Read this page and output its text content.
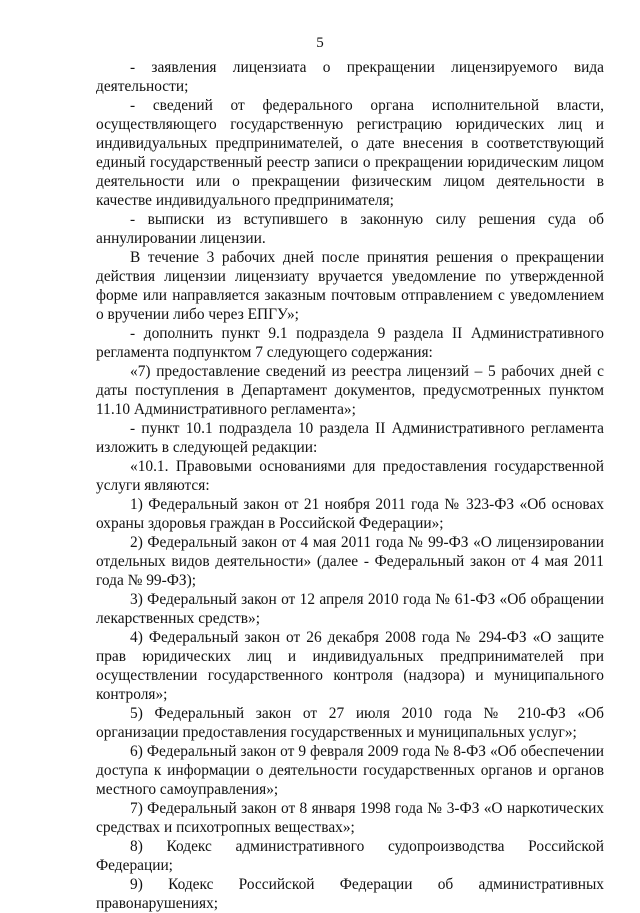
5

- заявления лицензиата о прекращении лицензируемого вида деятельности;

- сведений от федерального органа исполнительной власти, осуществляющего государственную регистрацию юридических лиц и индивидуальных предпринимателей, о дате внесения в соответствующий единый государственный реестр записи о прекращении юридическим лицом деятельности или о прекращении физическим лицом деятельности в качестве индивидуального предпринимателя;

- выписки из вступившего в законную силу решения суда об аннулировании лицензии.

В течение 3 рабочих дней после принятия решения о прекращении действия лицензии лицензиату вручается уведомление по утвержденной форме или направляется заказным почтовым отправлением с уведомлением о вручении либо через ЕПГУ»;

- дополнить пункт 9.1 подраздела 9 раздела II Административного регламента подпунктом 7 следующего содержания:

«7) предоставление сведений из реестра лицензий – 5 рабочих дней с даты поступления в Департамент документов, предусмотренных пунктом 11.10 Административного регламента»;

- пункт 10.1 подраздела 10 раздела II Административного регламента изложить в следующей редакции:

«10.1. Правовыми основаниями для предоставления государственной услуги являются:

1) Федеральный закон от 21 ноября 2011 года № 323-ФЗ «Об основах охраны здоровья граждан в Российской Федерации»;

2) Федеральный закон от 4 мая 2011 года № 99-ФЗ «О лицензировании отдельных видов деятельности» (далее - Федеральный закон от 4 мая 2011 года № 99-ФЗ);

3) Федеральный закон от 12 апреля 2010 года № 61-ФЗ «Об обращении лекарственных средств»;

4) Федеральный закон от 26 декабря 2008 года № 294-ФЗ «О защите прав юридических лиц и индивидуальных предпринимателей при осуществлении государственного контроля (надзора) и муниципального контроля»;

5) Федеральный закон от 27 июля 2010 года № 210-ФЗ «Об организации предоставления государственных и муниципальных услуг»;

6) Федеральный закон от 9 февраля 2009 года № 8-ФЗ «Об обеспечении доступа к информации о деятельности государственных органов и органов местного самоуправления»;

7) Федеральный закон от 8 января 1998 года № 3-ФЗ «О наркотических средствах и психотропных веществах»;

8) Кодекс административного судопроизводства Российской Федерации;

9) Кодекс Российской Федерации об административных правонарушениях;
